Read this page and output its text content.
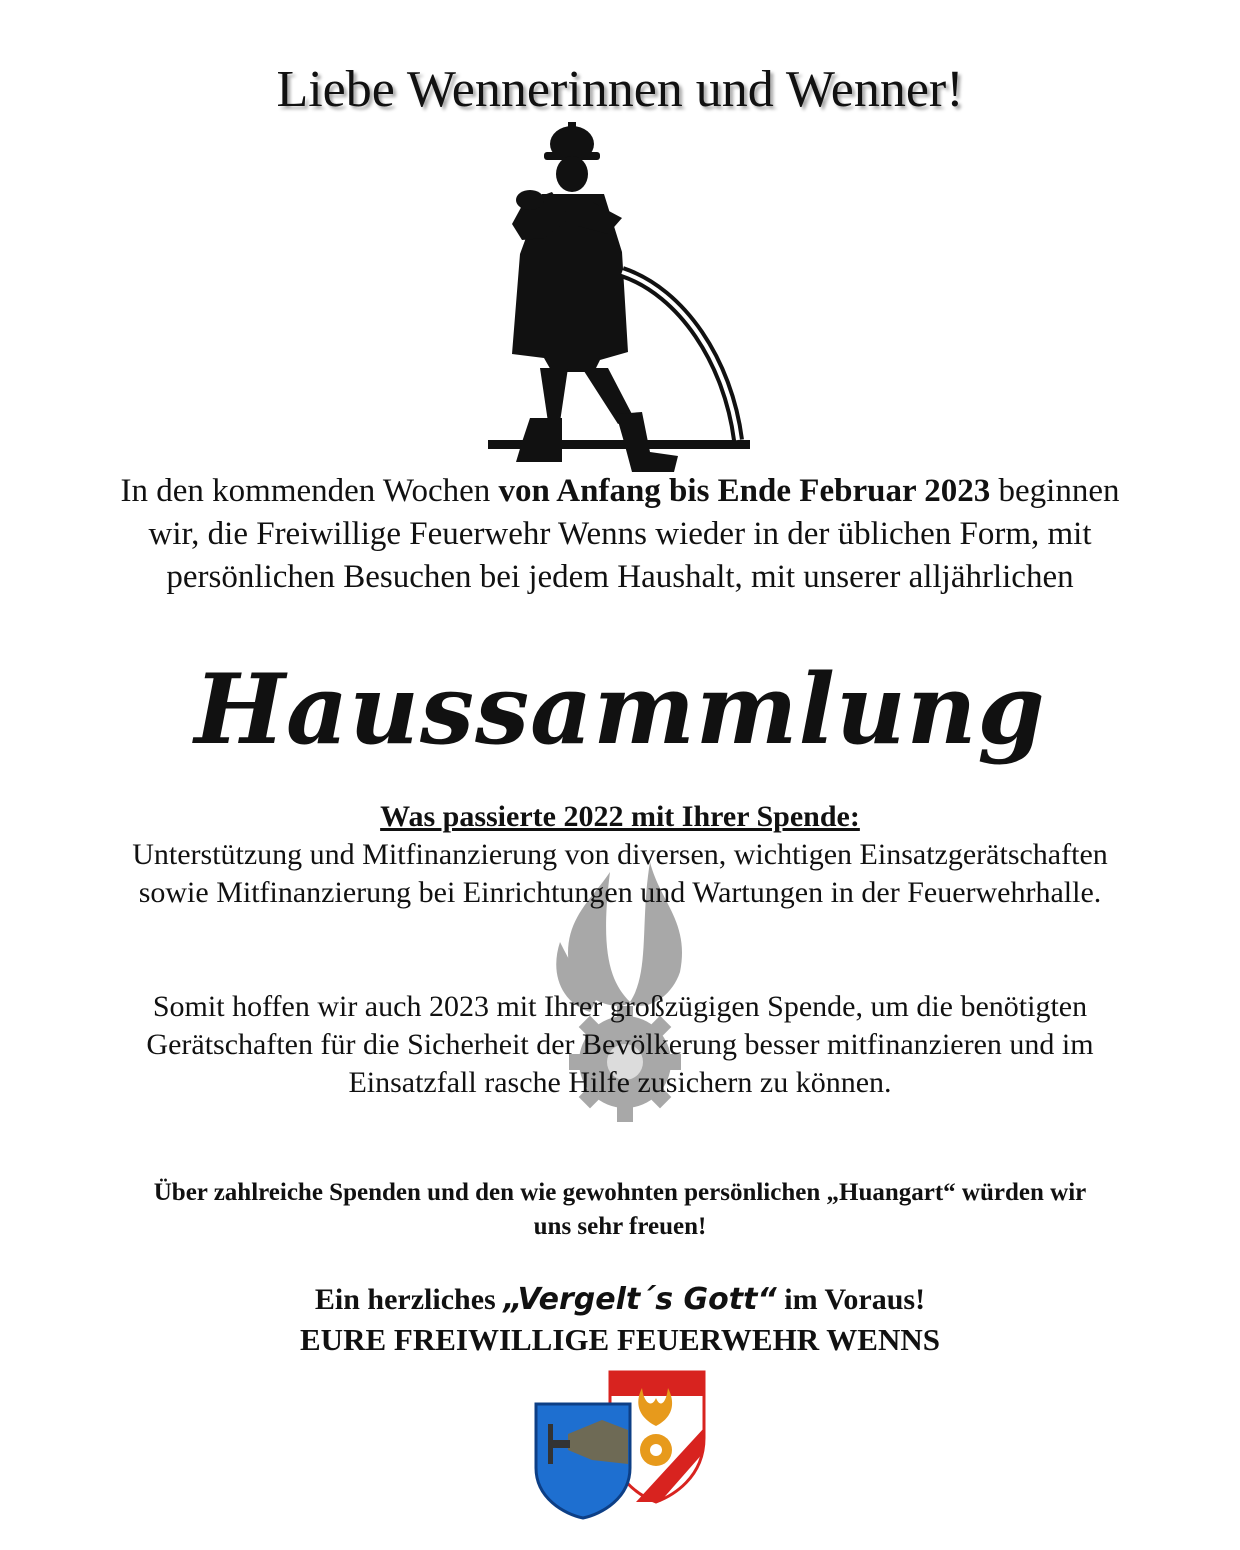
Liebe Wennerinnen und Wenner!
In den kommenden Wochen von Anfang bis Ende Februar 2023 beginnen
wir, die Freiwillige Feuerwehr Wenns wieder in der üblichen Form, mit
persönlichen Besuchen bei jedem Haushalt, mit unserer alljährlichen
Haussammlung
Was passierte 2022 mit Ihrer Spende:
Unterstützung und Mitfinanzierung von diversen, wichtigen Einsatzgerätschaften
sowie Mitfinanzierung bei Einrichtungen und Wartungen in der Feuerwehrhalle.
Somit hoffen wir auch 2023 mit Ihrer großzügigen Spende, um die benötigten
Gerätschaften für die Sicherheit der Bevölkerung besser mitfinanzieren und im
Einsatzfall rasche Hilfe zusichern zu können.
Über zahlreiche Spenden und den wie gewohnten persönlichen „Huangart“ würden wir
uns sehr freuen!
Ein herzliches „Vergelt´s Gott“ im Voraus!
EURE FREIWILLIGE FEUERWEHR WENNS
